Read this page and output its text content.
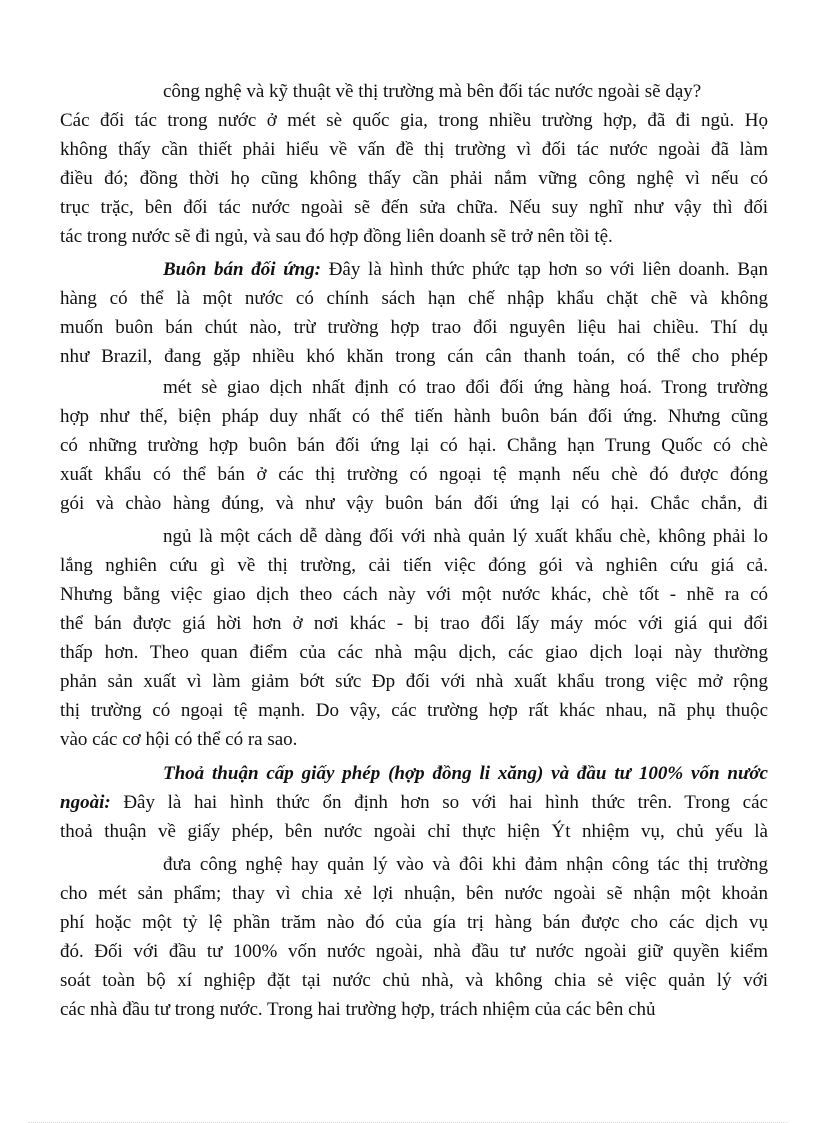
công nghệ và kỹ thuật về thị trường mà bên đối tác nước ngoài sẽ dạy?
Các đối tác trong nước ở mét sè quốc gia, trong nhiều trường hợp, đã đi ngủ. Họ
không thấy cần thiết phải hiểu về vấn đề thị trường vì đối tác nước ngoài đã làm
điều đó; đồng thời họ cũng không thấy cần phải nắm vững công nghệ vì nếu có
trục trặc, bên đối tác nước ngoài sẽ đến sửa chữa. Nếu suy nghĩ như vậy thì đối
tác trong nước sẽ đi ngủ, và sau đó hợp đồng liên doanh sẽ trở nên tồi tệ.
Buôn bán đối ứng: Đây là hình thức phức tạp hơn so với liên doanh. Bạn
hàng có thể là một nước có chính sách hạn chế nhập khẩu chặt chẽ và không
muốn buôn bán chút nào, trừ trường hợp trao đổi nguyên liệu hai chiều. Thí dụ
như Brazil, đang gặp nhiều khó khăn trong cán cân thanh toán, có thể cho phép
mét sè giao dịch nhất định có trao đổi đối ứng hàng hoá. Trong trường
hợp như thế, biện pháp duy nhất có thể tiến hành buôn bán đối ứng. Nhưng cũng
có những trường hợp buôn bán đối ứng lại có hại. Chẳng hạn Trung Quốc có chè
xuất khẩu có thể bán ở các thị trường có ngoại tệ mạnh nếu chè đó được đóng
gói và chào hàng đúng, và như vậy buôn bán đối ứng lại có hại. Chắc chắn, đi
ngủ là một cách dễ dàng đối với nhà quản lý xuất khẩu chè, không phải lo
lắng nghiên cứu gì về thị trường, cải tiến việc đóng gói và nghiên cứu giá cả.
Nhưng bằng việc giao dịch theo cách này với một nước khác, chè tốt - nhẽ ra có
thể bán được giá hời hơn ở nơi khác - bị trao đổi lấy máy móc với giá qui đổi
thấp hơn. Theo quan điểm của các nhà mậu dịch, các giao dịch loại này thường
phản sản xuất vì làm giảm bớt sức Ðp đối với nhà xuất khẩu trong việc mở rộng
thị trường có ngoại tệ mạnh. Do vậy, các trường hợp rất khác nhau, nã phụ thuộc
vào các cơ hội có thể có ra sao.
Thoả thuận cấp giấy phép (hợp đồng li xăng) và đầu tư 100% vốn nước
ngoài: Đây là hai hình thức ổn định hơn so với hai hình thức trên. Trong các
thoả thuận về giấy phép, bên nước ngoài chỉ thực hiện Ýt nhiệm vụ, chủ yếu là
đưa công nghệ hay quản lý vào và đôi khi đảm nhận công tác thị trường
cho mét sản phẩm; thay vì chia xẻ lợi nhuận, bên nước ngoài sẽ nhận một khoản
phí hoặc một tỷ lệ phần trăm nào đó của gía trị hàng bán được cho các dịch vụ
đó. Đối với đầu tư 100% vốn nước ngoài, nhà đầu tư nước ngoài giữ quyền kiểm
soát toàn bộ xí nghiệp đặt tại nước chủ nhà, và không chia sẻ việc quản lý với
các nhà đầu tư trong nước. Trong hai trường hợp, trách nhiệm của các bên chủ
